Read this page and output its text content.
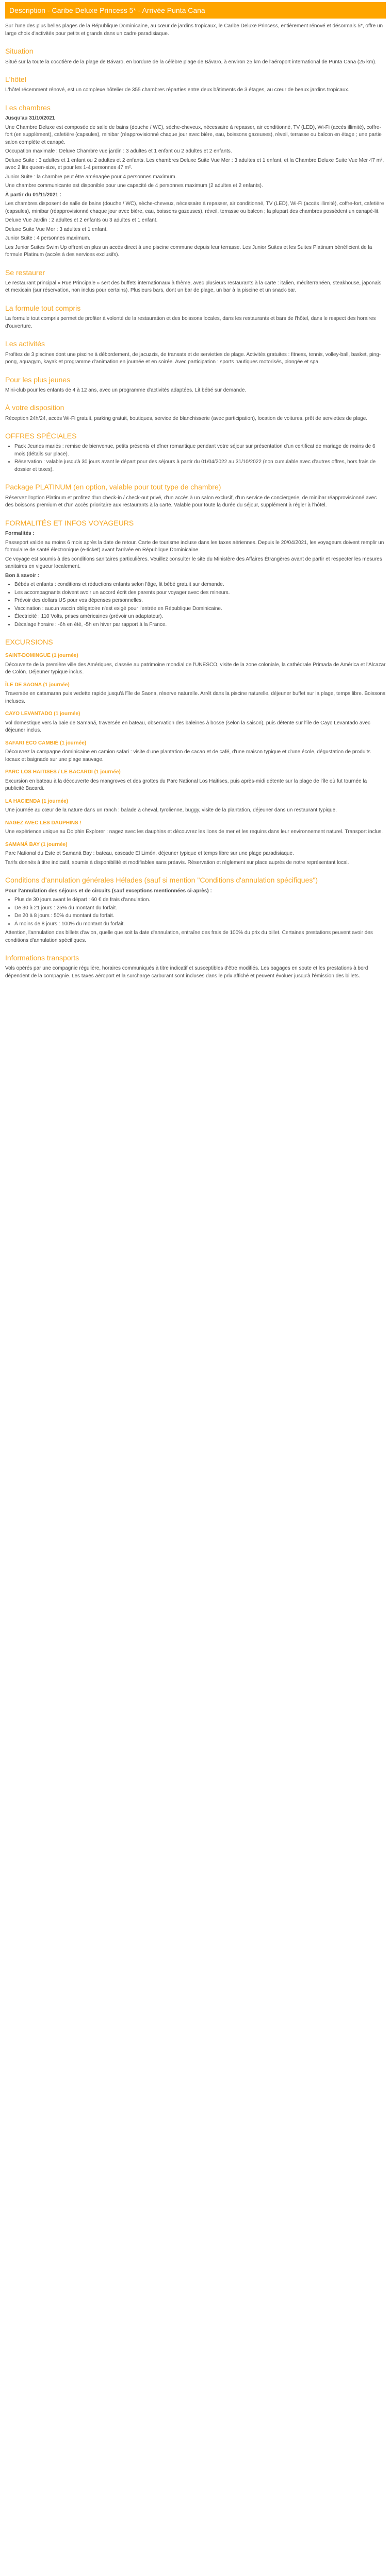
Description - Caribe Deluxe Princess 5* - Arrivée Punta Cana

Sur l'une des plus belles plages de la République Dominicaine, au cœur de jardins tropicaux, le Caribe Deluxe Princess, entièrement rénové et désormais 5*, offre un large choix d'activités pour petits et grands dans un cadre paradisiaque.

Situation

Situé sur la toute la cocotière de la plage de Bávaro, en bordure de la célèbre plage de Bávaro, à environ 25 km de l'aéroport international de Punta Cana (25 km).

L'hôtel

L'hôtel récemment rénové, est un complexe hôtelier de 355 chambres réparties entre deux bâtiments de 3 étages, au cœur de beaux jardins tropicaux.

Les chambres

Jusqu'au 31/10/2021

Une Chambre Deluxe est composée de salle de bains (douche / WC), sèche-cheveux, nécessaire à repasser, air conditionné, TV (LED), Wi-Fi (accès illimité), coffre-fort (en supplément), cafetière (capsules), minibar (réapprovisionné chaque jour avec bière, eau, boissons gazeuses), réveil, terrasse ou balcon en étage ; une partie salon complète et canapé.

Occupation maximale : Deluxe Chambre vue jardin : 3 adultes et 1 enfant ou 2 adultes et 2 enfants.

Deluxe Suite : 3 adultes et 1 enfant ou 2 adultes et 2 enfants. Les chambres Deluxe Suite Vue Mer : 3 adultes et 1 enfant, et la Chambre Deluxe Suite Vue Mer 47 m², avec 2 lits queen-size, et pour les 1-4 personnes 47 m².

Junior Suite : la chambre peut être aménagée pour 4 personnes maximum.

Une chambre communicante est disponible pour une capacité de 4 personnes maximum (2 adultes et 2 enfants).

À partir du 01/11/2021 :

Les chambres disposent de salle de bains (douche / WC), sèche-cheveux, nécessaire à repasser, air conditionné, TV (LED), Wi-Fi (accès illimité), coffre-fort, cafetière (capsules), minibar (réapprovisionné chaque jour avec bière, eau, boissons gazeuses), réveil, terrasse ou balcon ; la plupart des chambres possèdent un canapé-lit.

Deluxe Vue Jardin : 2 adultes et 2 enfants ou 3 adultes et 1 enfant.

Deluxe Suite Vue Mer : 3 adultes et 1 enfant.

Junior Suite : 4 personnes maximum.

Les Junior Suites Swim Up offrent en plus un accès direct à une piscine commune depuis leur terrasse. Les Junior Suites et les Suites Platinum bénéficient de la formule Platinum (accès à des services exclusifs).

Se restaurer

Le restaurant principal « Rue Principale » sert des buffets internationaux à thème, avec plusieurs restaurants à la carte : italien, méditerranéen, steakhouse, japonais et mexicain (sur réservation, non inclus pour certains). Plusieurs bars, dont un bar de plage, un bar à la piscine et un snack-bar.

La formule tout compris

La formule tout compris permet de profiter à volonté de la restauration et des boissons locales, dans les restaurants et bars de l'hôtel, dans le respect des horaires d'ouverture.

Les activités

Profitez de 3 piscines dont une piscine à débordement, de jacuzzis, de transats et de serviettes de plage. Activités gratuites : fitness, tennis, volley-ball, basket, ping-pong, aquagym, kayak et programme d'animation en journée et en soirée. Avec participation : sports nautiques motorisés, plongée et spa.

Pour les plus jeunes

Mini-club pour les enfants de 4 à 12 ans, avec un programme d'activités adaptées. Lit bébé sur demande.

À votre disposition

Réception 24h/24, accès Wi-Fi gratuit, parking gratuit, boutiques, service de blanchisserie (avec participation), location de voitures, prêt de serviettes de plage.

OFFRES SPÉCIALES
• Pack Jeunes mariés : remise de bienvenue, petits présents et dîner romantique pendant votre séjour sur présentation d'un certificat de mariage de moins de 6 mois (détails sur place).
• Réservation : valable jusqu'à 30 jours avant le départ pour des séjours à partir du 01/04/2022 au 31/10/2022 (non cumulable avec d'autres offres, hors frais de dossier et taxes).
Package PLATINUM (en option, valable pour tout type de chambre)

Réservez l'option Platinum et profitez d'un check-in / check-out privé, d'un accès à un salon exclusif, d'un service de conciergerie, de minibar réapprovisionné avec des boissons premium et d'un accès prioritaire aux restaurants à la carte. Valable pour toute la durée du séjour, supplément à régler à l'hôtel.

FORMALITÉS ET INFOS VOYAGEURS

Formalités :

Passeport valide au moins 6 mois après la date de retour. Carte de tourisme incluse dans les taxes aériennes. Depuis le 20/04/2021, les voyageurs doivent remplir un formulaire de santé électronique (e-ticket) avant l'arrivée en République Dominicaine.

Ce voyage est soumis à des conditions sanitaires particulières. Veuillez consulter le site du Ministère des Affaires Étrangères avant de partir et respecter les mesures sanitaires en vigueur localement.

Bon à savoir :

• Bébés et enfants : conditions et réductions enfants selon l'âge, lit bébé gratuit sur demande.
• Les accompagnants doivent avoir un accord écrit des parents pour voyager avec des mineurs.
• Prévoir des dollars US pour vos dépenses personnelles.
• Vaccination : aucun vaccin obligatoire n'est exigé pour l'entrée en République Dominicaine.
• Électricité : 110 Volts, prises américaines (prévoir un adaptateur).
• Décalage horaire : -6h en été, -5h en hiver par rapport à la France.
EXCURSIONS
SAINT-DOMINGUE (1 journée)

Découverte de la première ville des Amériques, classée au patrimoine mondial de l'UNESCO, visite de la zone coloniale, la cathédrale Primada de América et l'Alcazar de Colón. Déjeuner typique inclus.

ÎLE DE SAONA (1 journée)

Traversée en catamaran puis vedette rapide jusqu'à l'île de Saona, réserve naturelle. Arrêt dans la piscine naturelle, déjeuner buffet sur la plage, temps libre. Boissons incluses.

CAYO LEVANTADO (1 journée)

Vol domestique vers la baie de Samaná, traversée en bateau, observation des baleines à bosse (selon la saison), puis détente sur l'île de Cayo Levantado avec déjeuner inclus.

SAFARI ÉCO CAMBIÉ (1 journée)

Découvrez la campagne dominicaine en camion safari : visite d'une plantation de cacao et de café, d'une maison typique et d'une école, dégustation de produits locaux et baignade sur une plage sauvage.

PARC LOS HAITISES / LE BACARDI (1 journée)

Excursion en bateau à la découverte des mangroves et des grottes du Parc National Los Haitises, puis après-midi détente sur la plage de l'île où fut tournée la publicité Bacardi.

LA HACIENDA (1 journée)

Une journée au cœur de la nature dans un ranch : balade à cheval, tyrolienne, buggy, visite de la plantation, déjeuner dans un restaurant typique.

NAGEZ AVEC LES DAUPHINS !

Une expérience unique au Dolphin Explorer : nagez avec les dauphins et découvrez les lions de mer et les requins dans leur environnement naturel. Transport inclus.

SAMANÁ BAY (1 journée)

Parc National du Este et Samaná Bay : bateau, cascade El Limón, déjeuner typique et temps libre sur une plage paradisiaque.

Tarifs donnés à titre indicatif, soumis à disponibilité et modifiables sans préavis. Réservation et règlement sur place auprès de notre représentant local.

Conditions d'annulation générales Hélades (sauf si mention "Conditions d'annulation spécifiques")

Pour l'annulation des séjours et de circuits (sauf exceptions mentionnées ci-après) :

• Plus de 30 jours avant le départ : 60 € de frais d'annulation.
• De 30 à 21 jours : 25% du montant du forfait.
• De 20 à 8 jours : 50% du montant du forfait.
• À moins de 8 jours : 100% du montant du forfait.

Attention, l'annulation des billets d'avion, quelle que soit la date d'annulation, entraîne des frais de 100% du prix du billet. Certaines prestations peuvent avoir des conditions d'annulation spécifiques.

Informations transports

Vols opérés par une compagnie régulière, horaires communiqués à titre indicatif et susceptibles d'être modifiés. Les bagages en soute et les prestations à bord dépendent de la compagnie. Les taxes aéroport et la surcharge carburant sont incluses dans le prix affiché et peuvent évoluer jusqu'à l'émission des billets.
